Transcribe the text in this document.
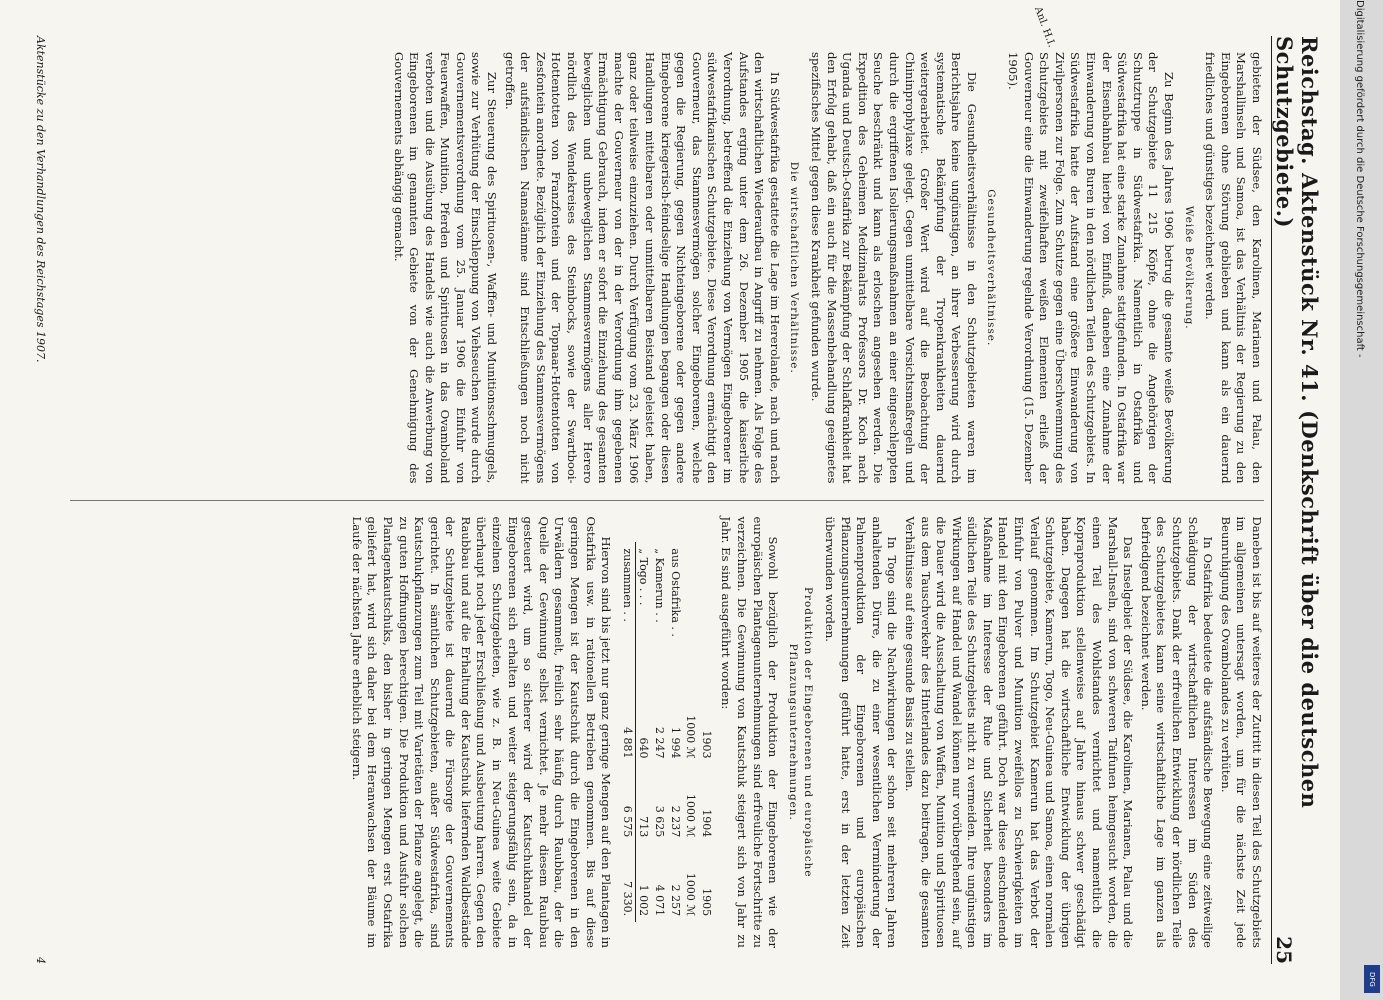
Reichstag.Aktenstück Nr. 41.(Denkschrift über die deutschen Schutzgebiete.)
25
Anl. H.I.

gebieten der Südsee, den Karolinen, Marianen und Palau, den Marshallinseln und Samoa, ist das Verhältnis der Regierung zu den Eingeborenen ohne Störung geblieben und kann als ein dauernd friedliches und günstiges bezeichnet werden.

Weiße Bevölkerung.

Zu Beginn des Jahres 1906 betrug die gesamte weiße Bevölkerung der Schutzgebiete 11 215 Köpfe, ohne die Angehörigen der Schutztruppe in Südwestafrika. Namentlich in Ostafrika und Südwestafrika hat eine starke Zunahme stattgefunden. In Ostafrika war der Eisenbahnbau hierbei von Einfluß, daneben eine Zunahme der Einwanderung von Buren in den nördlichen Teilen des Schutzgebiets. In Südwestafrika hatte der Aufstand eine größere Einwanderung von Zivilpersonen zur Folge. Zum Schutze gegen eine Überschwemmung des Schutzgebiets mit zweifelhaften weißen Elementen erließ der Gouverneur eine die Einwanderung regelnde Verordnung (15. Dezember 1905).

Gesundheitsverhältnisse.

Die Gesundheitsverhältnisse in den Schutzgebieten waren im Berichtsjahre keine ungünstigen, an ihrer Verbesserung wird durch systematische Bekämpfung der Tropenkrankheiten dauernd weitergearbeitet. Großer Wert wird auf die Beobachtung der Chininprophylaxe gelegt. Gegen unmittelbare Vorsichtsmaßregeln und durch die ergriffenen Isolierungsmaßnahmen an einer eingeschleppten Seuche beschränkt und kann als erloschen angesehen werden. Die Expedition des Geheimen Medizinalrats Professors Dr. Koch nach Uganda und Deutsch-Ostafrika zur Bekämpfung der Schlafkrankheit hat den Erfolg gehabt, daß ein auch für die Massenbehandlung geeignetes spezifisches Mittel gegen diese Krankheit gefunden wurde.

Die wirtschaftlichen Verhältnisse.

In Südwestafrika gestattete die Lage im Hererolande, nach und nach den wirtschaftlichen Wiederaufbau in Angriff zu nehmen. Als Folge des Aufstandes erging unter dem 26. Dezember 1905 die kaiserliche Verordnung, betreffend die Einziehung von Vermögen Eingeborener im südwestafrikanischen Schutzgebiete. Diese Verordnung ermächtigt den Gouverneur, das Stammesvermögen solcher Eingeborenen, welche gegen die Regierung, gegen Nichteingeborene oder gegen andere Eingeborene kriegerisch-feindselige Handlungen begangen oder diesen Handlungen mittelbaren oder unmittelbaren Beistand geleistet haben, ganz oder teilweise einzuziehen. Durch Verfügung vom 23. März 1906 machte der Gouverneur von der in der Verordnung ihm gegebenen Ermächtigung Gebrauch, indem er sofort die Einziehung des gesamten beweglichen und unbeweglichen Stammesvermögens aller Herero nördlich des Wendekreises des Steinbocks, sowie der Swartbooi-Hottentotten von Franzfontein und der Topnaar-Hottentotten von Zesfontein anordnete. Bezüglich der Einziehung des Stammesvermögens der aufständischen Namastämme sind Entschließungen noch nicht getroffen.

Zur Steuerung des Spirituosen-, Waffen- und Munitionsschmuggels, sowie zur Verhütung der Einschleppung von Viehseuchen wurde durch Gouvernementsverordnung vom 25. Januar 1906 die Einfuhr von Feuerwaffen, Munition, Pferden und Spirituosen in das Ovamboland verboten und die Ausübung des Handels wie auch die Anwerbung von Eingeborenen im genannten Gebiete von der Genehmigung des Gouvernements abhängig gemacht.

Daneben ist bis auf weiteres der Zutritt in diesen Teil des Schutzgebiets im allgemeinen untersagt worden, um für die nächste Zeit jede Beunruhigung des Ovambolandes zu verhüten.

In Ostafrika bedeutete die aufständische Bewegung eine zeitweilige Schädigung der wirtschaftlichen Interessen im Süden des Schutzgebiets. Dank der erfreulichen Entwicklung der nördlichen Teile des Schutzgebietes kann seine wirtschaftliche Lage im ganzen als befriedigend bezeichnet werden.

Das Inselgebiet der Südsee, die Karolinen, Marianen, Palau und die Marshall-Inseln, sind von schweren Taifunen heimgesucht worden, die einen Teil des Wohlstandes vernichtet und namentlich die Kopraproduktion stellenweise auf Jahre hinaus schwer geschädigt haben. Dagegen hat die wirtschaftliche Entwicklung der übrigen Schutzgebiete, Kamerun, Togo, Neu-Guinea und Samoa, einen normalen Verlauf genommen. Im Schutzgebiet Kamerun hat das Verbot der Einfuhr von Pulver und Munition zweifellos zu Schwierigkeiten im Handel mit den Eingeborenen geführt. Doch war diese einschneidende Maßnahme im Interesse der Ruhe und Sicherheit besonders im südlichen Teile des Schutzgebiets nicht zu vermeiden. Ihre ungünstigen Wirkungen auf Handel und Wandel können nur vorübergehend sein, auf die Dauer wird die Ausschaltung von Waffen, Munition und Spirituosen aus dem Tauschverkehr des Hinterlandes dazu beitragen, die gesamten Verhältnisse auf eine gesunde Basis zu stellen.

In Togo sind die Nachwirkungen der schon seit mehreren Jahren anhaltenden Dürre, die zu einer wesentlichen Verminderung der Palmenproduktion der Eingeborenen und europäischen Pflanzungsunternehmungen geführt hatte, erst in der letzten Zeit überwunden worden.

Produktion der Eingeborenen und europäische Pflanzungsunternehmungen.

Sowohl bezüglich der Produktion der Eingeborenen wie der europäischen Plantagenunternehmungen sind erfreuliche Fortschritte zu verzeichnen. Die Gewinnung von Kautschuk steigert sich von Jahr zu Jahr. Es sind ausgeführt worden:

	1903	1904	1905
	1000 ℳ	1000 ℳ	1000 ℳ
aus Ostafrika . .	1 994	2 237	2 257
„ Kamerun . .	2 247	3 625	4 071
„ Togo . . .	640	713	1 002
zusammen . .	4 881	6 575	7 330.

Hiervon sind bis jetzt nur ganz geringe Mengen auf den Plantagen in Ostafrika usw. in rationellen Betrieben genommen. Bis auf diese geringen Mengen ist der Kautschuk durch die Eingeborenen in den Urwäldern gesammelt, freilich sehr häufig durch Raubbau, der die Quelle der Gewinnung selbst vernichtet. Je mehr diesem Raubbau gesteuert wird, um so sicherer wird der Kautschukhandel der Eingeborenen sich erhalten und weiter steigerungsfähig sein, da in einzelnen Schutzgebieten, wie z. B. in Neu-Guinea weite Gebiete überhaupt noch jeder Erschließung und Ausbeutung harren. Gegen den Raubbau und auf die Erhaltung der Kautschuk liefernden Waldbestände der Schutzgebiete ist dauernd die Fürsorge der Gouvernements gerichtet. In sämtlichen Schutzgebieten, außer Südwestafrika, sind Kautschukpflanzungen zum Teil mit Varietäten der Pflanze angelegt, die zu guten Hoffnungen berechtigen. Die Produktion und Ausfuhr solchen Plantagenkautschuks, den bisher in geringen Mengen erst Ostafrika geliefert hat, wird sich daher bei dem Heranwachsen der Bäume im Laufe der nächsten Jahre erheblich steigern.

Aktenstücke zu den Verhandlungen des Reichstages 1907.
4
Digitalisierung gefördert durch die Deutsche Forschungsgemeinschaft -
DFG
